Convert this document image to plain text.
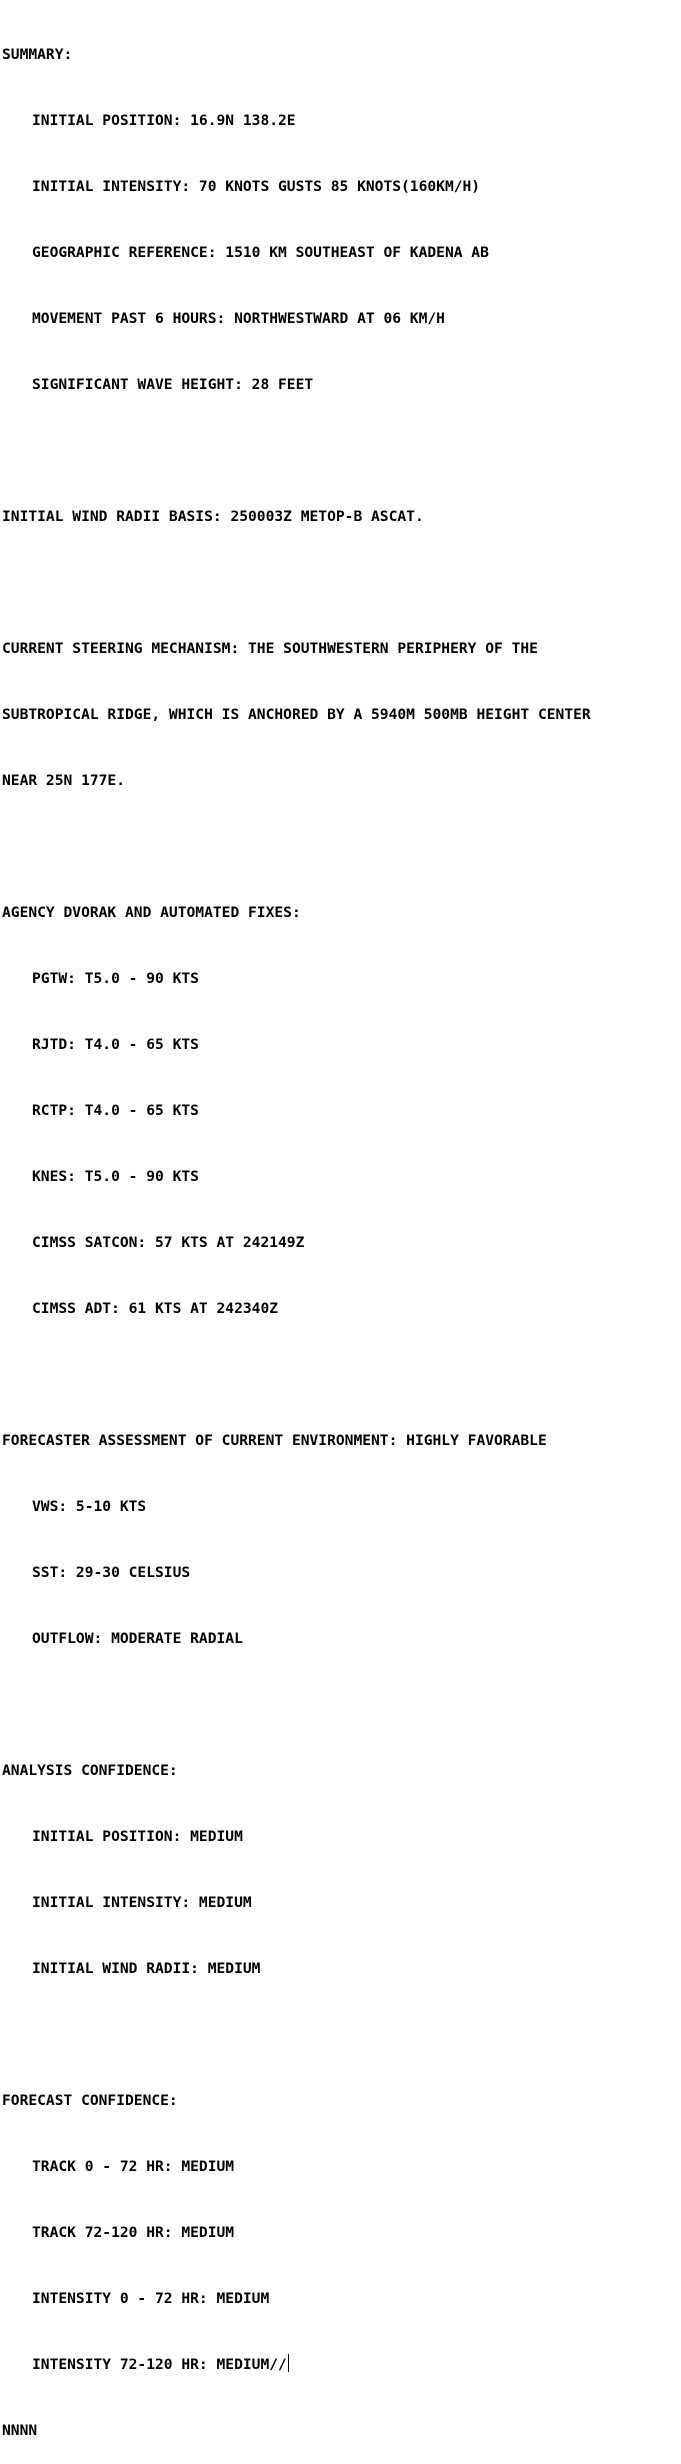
SUMMARY:

INITIAL POSITION: 16.9N 138.2E

INITIAL INTENSITY: 70 KNOTS GUSTS 85 KNOTS(160KM/H)

GEOGRAPHIC REFERENCE: 1510 KM SOUTHEAST OF KADENA AB

MOVEMENT PAST 6 HOURS: NORTHWESTWARD AT 06 KM/H

SIGNIFICANT WAVE HEIGHT: 28 FEET

INITIAL WIND RADII BASIS: 250003Z METOP-B ASCAT.

CURRENT STEERING MECHANISM: THE SOUTHWESTERN PERIPHERY OF THE

SUBTROPICAL RIDGE, WHICH IS ANCHORED BY A 5940M 500MB HEIGHT CENTER

NEAR 25N 177E.

AGENCY DVORAK AND AUTOMATED FIXES:

PGTW: T5.0 - 90 KTS

RJTD: T4.0 - 65 KTS

RCTP: T4.0 - 65 KTS

KNES: T5.0 - 90 KTS

CIMSS SATCON: 57 KTS AT 242149Z

CIMSS ADT: 61 KTS AT 242340Z

FORECASTER ASSESSMENT OF CURRENT ENVIRONMENT: HIGHLY FAVORABLE

VWS: 5-10 KTS

SST: 29-30 CELSIUS

OUTFLOW: MODERATE RADIAL

ANALYSIS CONFIDENCE:

INITIAL POSITION: MEDIUM

INITIAL INTENSITY: MEDIUM

INITIAL WIND RADII: MEDIUM

FORECAST CONFIDENCE:

TRACK 0 - 72 HR: MEDIUM

TRACK 72-120 HR: MEDIUM

INTENSITY 0 - 72 HR: MEDIUM

INTENSITY 72-120 HR: MEDIUM//

NNNN
